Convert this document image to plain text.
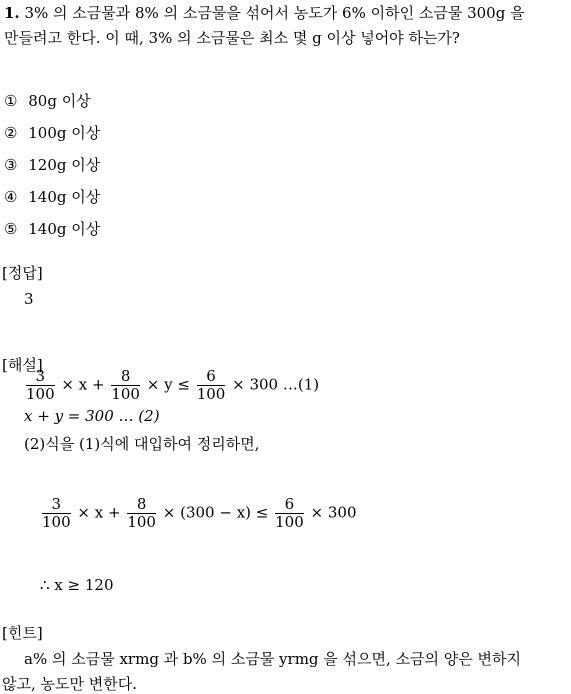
1. 3% 의 소금물과 8% 의 소금물을 섞어서 농도가 6% 이하인 소금물 300g 을
만들려고 한다. 이 때, 3% 의 소금물은 최소 몇 g 이상 넣어야 하는가?
① 80g 이상
② 100g 이상
③ 120g 이상
④ 140g 이상
⑤ 140g 이상
[정답]
3
[해설]
$\frac{3}{100} \times x + \frac{8}{100} \times y \le \frac{6}{100} \times 300$ …(1)
x + y = 300 … (2)
(2)식을 (1)식에 대입하여 정리하면,
$\frac{3}{100} \times x + \frac{8}{100} \times (300 - x) \le \frac{6}{100} \times 300$
∴ x ≥ 120
[힌트]
a% 의 소금물 xrmg 과 b% 의 소금물 yrmg 을 섞으면, 소금의 양은 변하지
않고, 농도만 변한다.
